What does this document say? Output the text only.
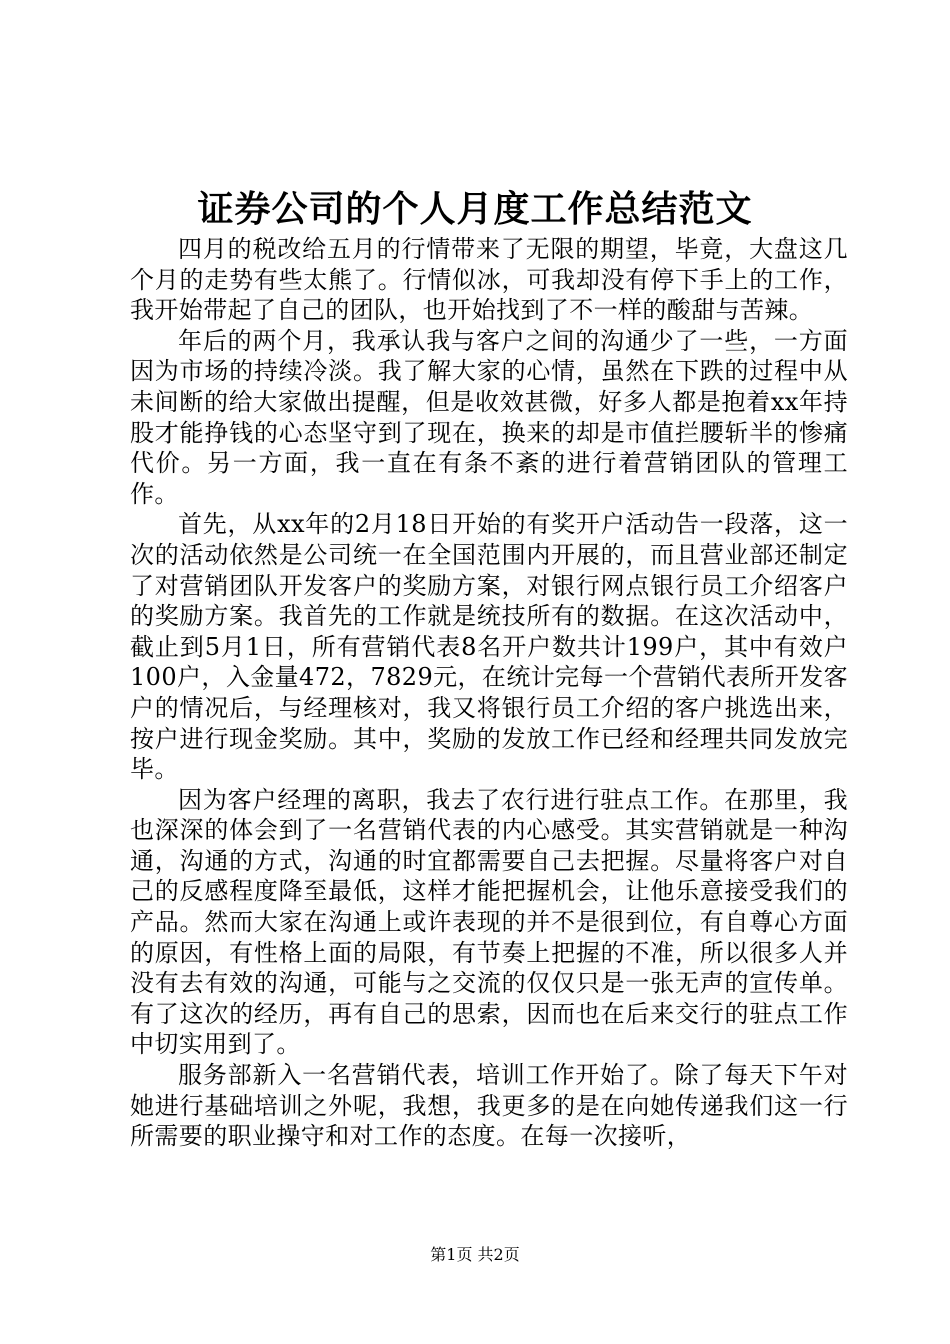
证券公司的个人月度工作总结范文

四月的税改给五月的行情带来了无限的期望，毕竟，大盘这几个月的走势有些太熊了。行情似冰，可我却没有停下手上的工作，我开始带起了自己的团队，也开始找到了不一样的酸甜与苦辣。

年后的两个月，我承认我与客户之间的沟通少了一些，一方面因为市场的持续冷淡。我了解大家的心情，虽然在下跌的过程中从未间断的给大家做出提醒，但是收效甚微，好多人都是抱着xx年持股才能挣钱的心态坚守到了现在，换来的却是市值拦腰斩半的惨痛代价。另一方面，我一直在有条不紊的进行着营销团队的管理工作。

首先，从xx年的2月18日开始的有奖开户活动告一段落，这一次的活动依然是公司统一在全国范围内开展的，而且营业部还制定了对营销团队开发客户的奖励方案，对银行网点银行员工介绍客户的奖励方案。我首先的工作就是统技所有的数据。在这次活动中，截止到5月1日，所有营销代表8名开户数共计199户，其中有效户100户，入金量472，7829元，在统计完每一个营销代表所开发客户的情况后，与经理核对，我又将银行员工介绍的客户挑选出来，按户进行现金奖励。其中，奖励的发放工作已经和经理共同发放完毕。

因为客户经理的离职，我去了农行进行驻点工作。在那里，我也深深的体会到了一名营销代表的内心感受。其实营销就是一种沟通，沟通的方式，沟通的时宜都需要自己去把握。尽量将客户对自己的反感程度降至最低，这样才能把握机会，让他乐意接受我们的产品。然而大家在沟通上或许表现的并不是很到位，有自尊心方面的原因，有性格上面的局限，有节奏上把握的不准，所以很多人并没有去有效的沟通，可能与之交流的仅仅只是一张无声的宣传单。有了这次的经历，再有自己的思索，因而也在后来交行的驻点工作中切实用到了。

服务部新入一名营销代表，培训工作开始了。除了每天下午对她进行基础培训之外呢，我想，我更多的是在向她传递我们这一行所需要的职业操守和对工作的态度。在每一次接听，

第1页 共2页
